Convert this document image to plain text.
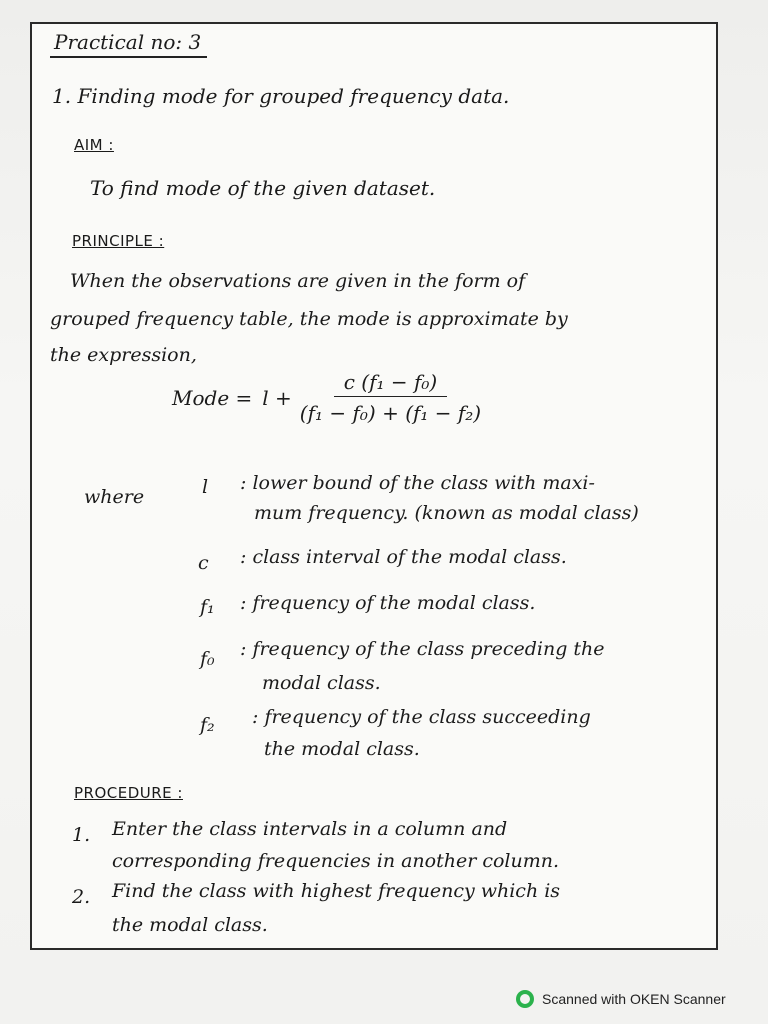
Practical no: 3
1. Finding mode for grouped frequency data.
AIM :
To find mode of the given dataset.
PRINCIPLE :
When the observations are given in the form of
grouped frequency table, the mode is approximate by
the expression,
Mode = $l + \frac{\text{c (f₁ − f₀)}}{\text{(f₁ − f₀) + (f₁ − f₂)}}$
where	l : lower bound of the class with maxi-
mum frequency. (known as modal class)
c : class interval of the modal class.
f₁ : frequency of the modal class.
f₀ : frequency of the class preceding the
modal class.
f₂ : frequency of the class succeeding
the modal class.
PROCEDURE :
1. Enter the class intervals in a column and
corresponding frequencies in another column.
2. Find the class with highest frequency which is
the modal class.
Scanned with OKEN Scanner
